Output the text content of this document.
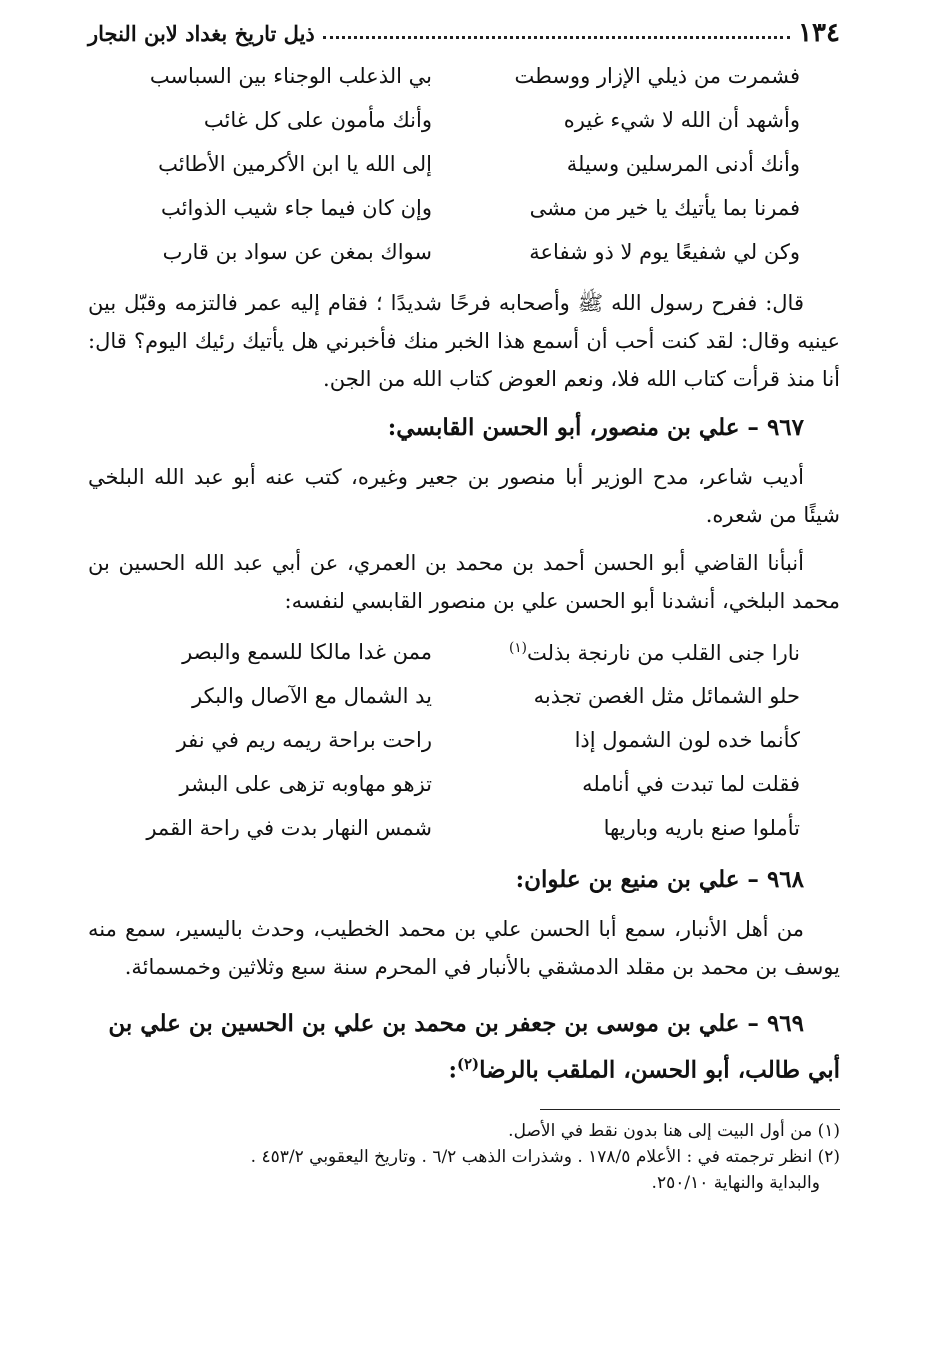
١٣٤
ذيل تاريخ بغداد لابن النجار
فشمرت من ذيلي الإزار ووسطت
بي الذعلب الوجناء بين السباسب
وأشهد أن الله لا شيء غيره
وأنك مأمون على كل غائب
وأنك أدنى المرسلين وسيلة
إلى الله يا ابن الأكرمين الأطائب
فمرنا بما يأتيك يا خير من مشى
وإن كان فيما جاء شيب الذوائب
وكن لي شفيعًا يوم لا ذو شفاعة
سواك بمغن عن سواد بن قارب

قال: ففرح رسول الله ﷺ وأصحابه فرحًا شديدًا ؛ فقام إليه عمر فالتزمه وقبّل بين عينيه وقال: لقد كنت أحب أن أسمع هذا الخبر منك فأخبرني هل يأتيك رئيك اليوم؟ قال: أنا منذ قرأت كتاب الله فلا، ونعم العوض كتاب الله من الجن.

٩٦٧ – علي بن منصور، أبو الحسن القابسي:

أديب شاعر، مدح الوزير أبا منصور بن جعير وغيره، كتب عنه أبو عبد الله البلخي شيئًا من شعره.

أنبأنا القاضي أبو الحسن أحمد بن محمد بن العمري، عن أبي عبد الله الحسين بن محمد البلخي، أنشدنا أبو الحسن علي بن منصور القابسي لنفسه:

نارا جنى القلب من نارنجة بذلت$^{(١)}$
ممن غدا مالكا للسمع والبصر
حلو الشمائل مثل الغصن تجذبه
يد الشمال مع الآصال والبكر
كأنما خده لون الشمول إذا
راحت براحة ريمه ريم في نفر
فقلت لما تبدت في أنامله
تزهو مهاوبه تزهى على البشر
تأملوا صنع باريه وباريها
شمس النهار بدت في راحة القمر
٩٦٨ – علي بن منيع بن علوان:

من أهل الأنبار، سمع أبا الحسن علي بن محمد الخطيب، وحدث باليسير، سمع منه يوسف بن محمد بن مقلد الدمشقي بالأنبار في المحرم سنة سبع وثلاثين وخمسمائة.

٩٦٩ – علي بن موسى بن جعفر بن محمد بن علي بن الحسين بن علي بن أبي طالب، أبو الحسن، الملقب بالرضا$^{(٢)}$:
(١) من أول البيت إلى هنا بدون نقط في الأصل.
(٢) انظر ترجمته في : الأعلام ١٧٨/٥ . وشذرات الذهب ٦/٢ . وتاريخ اليعقوبي ٤٥٣/٢ .
والبداية والنهاية ٢٥٠/١٠.
